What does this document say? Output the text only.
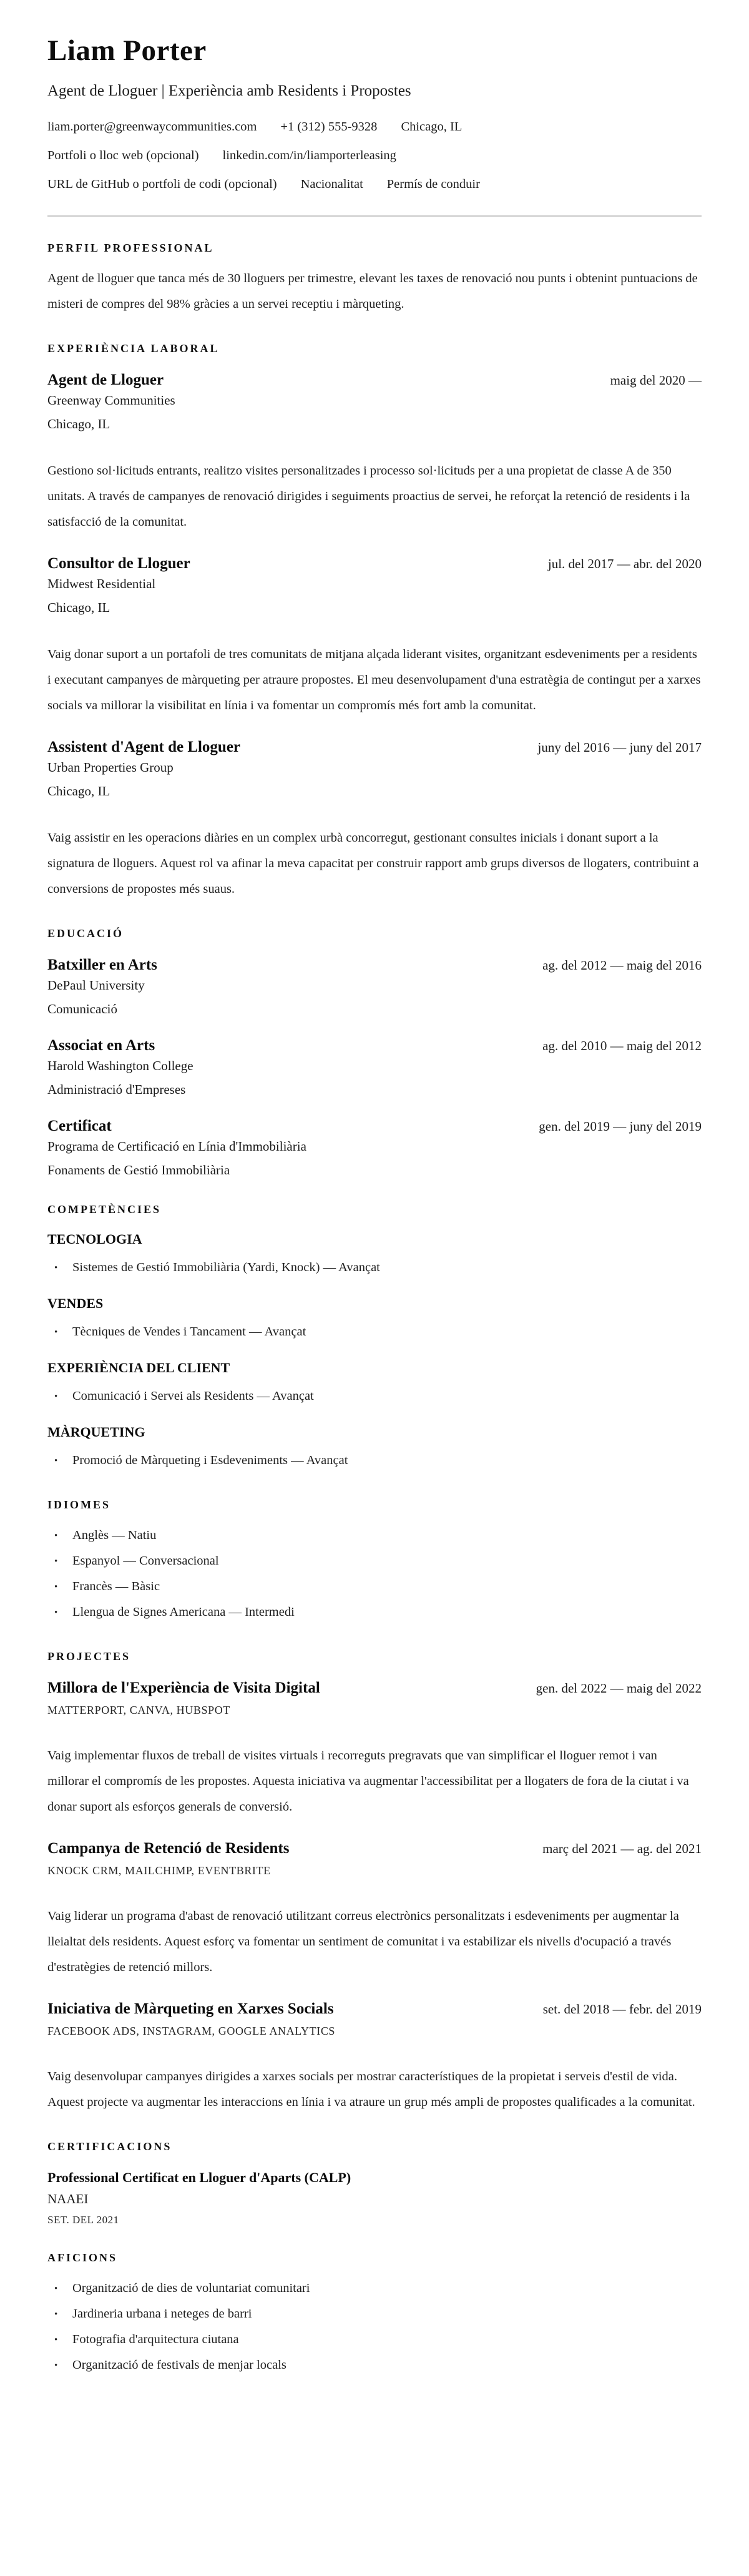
Liam Porter

Agent de Lloguer | Experiència amb Residents i Propostes

liam.porter@greenwaycommunities.com +1 (312) 555-9328 Chicago, IL
Portfoli o lloc web (opcional) linkedin.com/in/liamporterleasing
URL de GitHub o portfoli de codi (opcional) Nacionalitat Permís de conduir
PERFIL PROFESSIONAL

Agent de lloguer que tanca més de 30 lloguers per trimestre, elevant les taxes de renovació nou punts i obtenint puntuacions de misteri de compres del 98% gràcies a un servei receptiu i màrqueting.

EXPERIÈNCIA LABORAL
Agent de Lloguer	maig del 2020 —

Greenway Communities

Chicago, IL

Gestiono sol·licituds entrants, realitzo visites personalitzades i processo sol·licituds per a una propietat de classe A de 350 unitats. A través de campanyes de renovació dirigides i seguiments proactius de servei, he reforçat la retenció de residents i la satisfacció de la comunitat.

Consultor de Lloguer	jul. del 2017 — abr. del 2020

Midwest Residential

Chicago, IL

Vaig donar suport a un portafoli de tres comunitats de mitjana alçada liderant visites, organitzant esdeveniments per a residents i executant campanyes de màrqueting per atraure propostes. El meu desenvolupament d'una estratègia de contingut per a xarxes socials va millorar la visibilitat en línia i va fomentar un compromís més fort amb la comunitat.

Assistent d'Agent de Lloguer	juny del 2016 — juny del 2017

Urban Properties Group

Chicago, IL

Vaig assistir en les operacions diàries en un complex urbà concorregut, gestionant consultes inicials i donant suport a la signatura de lloguers. Aquest rol va afinar la meva capacitat per construir rapport amb grups diversos de llogaters, contribuint a conversions de propostes més suaus.

EDUCACIÓ
Batxiller en Arts	ag. del 2012 — maig del 2016

DePaul University

Comunicació

Associat en Arts	ag. del 2010 — maig del 2012

Harold Washington College

Administració d'Empreses

Certificat	gen. del 2019 — juny del 2019

Programa de Certificació en Línia d'Immobiliària

Fonaments de Gestió Immobiliària

COMPETÈNCIES
TECNOLOGIA
• Sistemes de Gestió Immobiliària (Yardi, Knock) — Avançat
VENDES
• Tècniques de Vendes i Tancament — Avançat
EXPERIÈNCIA DEL CLIENT
• Comunicació i Servei als Residents — Avançat
MÀRQUETING
• Promoció de Màrqueting i Esdeveniments — Avançat
IDIOMES
• Anglès — Natiu
• Espanyol — Conversacional
• Francès — Bàsic
• Llengua de Signes Americana — Intermedi
PROJECTES
Millora de l'Experiència de Visita Digital	gen. del 2022 — maig del 2022

MATTERPORT, CANVA, HUBSPOT

Vaig implementar fluxos de treball de visites virtuals i recorreguts pregravats que van simplificar el lloguer remot i van millorar el compromís de les propostes. Aquesta iniciativa va augmentar l'accessibilitat per a llogaters de fora de la ciutat i va donar suport als esforços generals de conversió.

Campanya de Retenció de Residents	març del 2021 — ag. del 2021

KNOCK CRM, MAILCHIMP, EVENTBRITE

Vaig liderar un programa d'abast de renovació utilitzant correus electrònics personalitzats i esdeveniments per augmentar la lleialtat dels residents. Aquest esforç va fomentar un sentiment de comunitat i va estabilizar els nivells d'ocupació a través d'estratègies de retenció millors.

Iniciativa de Màrqueting en Xarxes Socials	set. del 2018 — febr. del 2019

FACEBOOK ADS, INSTAGRAM, GOOGLE ANALYTICS

Vaig desenvolupar campanyes dirigides a xarxes socials per mostrar característiques de la propietat i serveis d'estil de vida. Aquest projecte va augmentar les interaccions en línia i va atraure un grup més ampli de propostes qualificades a la comunitat.

CERTIFICACIONS
Professional Certificat en Lloguer d'Aparts (CALP)

NAAEI

SET. DEL 2021

AFICIONS
• Organització de dies de voluntariat comunitari
• Jardineria urbana i neteges de barri
• Fotografia d'arquitectura ciutana
• Organització de festivals de menjar locals
